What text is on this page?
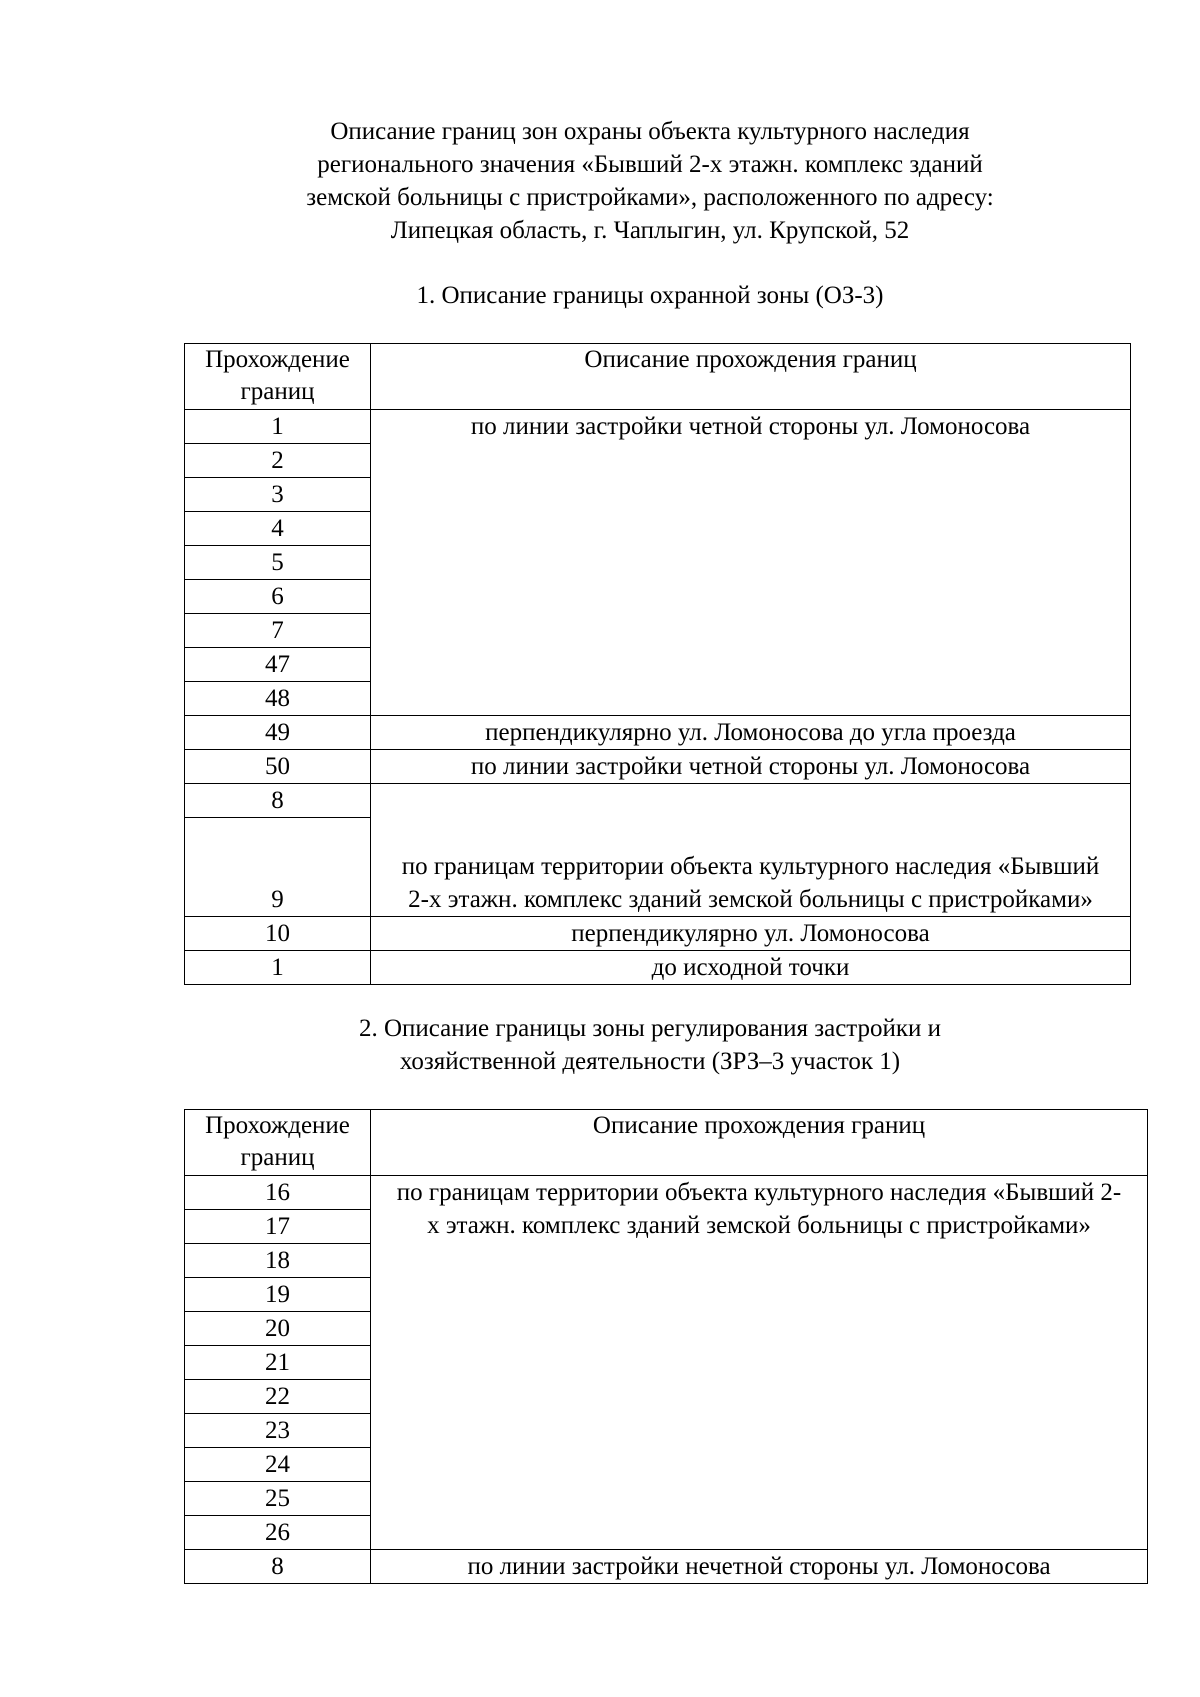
Описание границ зон охраны объекта культурного наследия
регионального значения «Бывший 2-х этажн. комплекс зданий
земской больницы с пристройками», расположенного по адресу:
Липецкая область, г. Чаплыгин, ул. Крупской, 52
1. Описание границы охранной зоны (ОЗ-3)
Прохождение границ	Описание прохождения границ
1	по линии застройки четной стороны ул. Ломоносова
2	
3	
4	
5	
6	
7	
47	
48	
49	перпендикулярно ул. Ломоносова до угла проезда
50	по линии застройки четной стороны ул. Ломоносова
8	по границам территории объекта культурного наследия «Бывший 2-х этажн. комплекс зданий земской больницы с пристройками»
9	
10	перпендикулярно ул. Ломоносова
1	до исходной точки
2. Описание границы зоны регулирования застройки и
хозяйственной деятельности (ЗРЗ–3 участок 1)
Прохождение границ	Описание прохождения границ
16	по границам территории объекта культурного наследия «Бывший 2-х этажн. комплекс зданий земской больницы с пристройками»
17	
18	
19	
20	
21	
22	
23	
24	
25	
26	
8	по линии застройки нечетной стороны ул. Ломоносова
